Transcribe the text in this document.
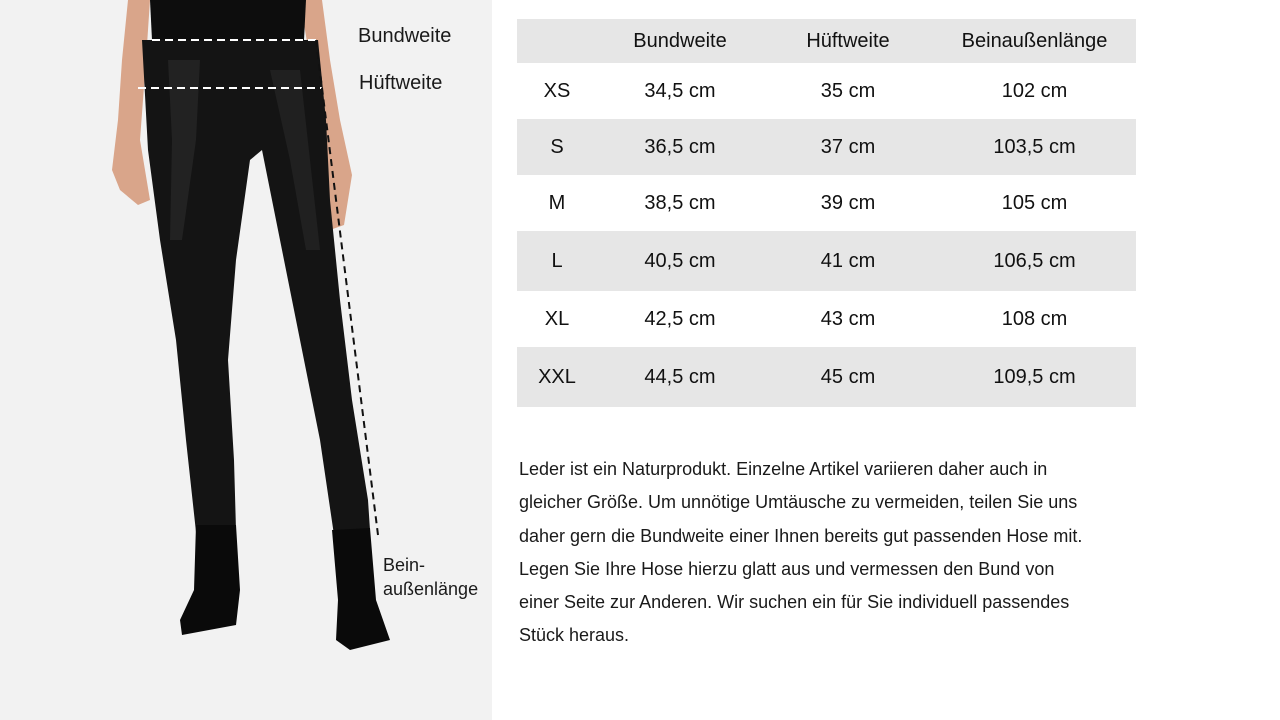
Bundweite
Hüftweite
Bein-
außenlänge
	Bundweite	Hüftweite	Beinaußenlänge
XS	34,5 cm	35 cm	102 cm
S	36,5 cm	37 cm	103,5 cm
M	38,5 cm	39 cm	105 cm
L	40,5 cm	41 cm	106,5 cm
XL	42,5 cm	43 cm	108 cm
XXL	44,5 cm	45 cm	109,5 cm

Leder ist ein Naturprodukt. Einzelne Artikel variieren daher auch in

gleicher Größe. Um unnötige Umtäusche zu vermeiden, teilen Sie uns

daher gern die Bundweite einer Ihnen bereits gut passenden Hose mit.

Legen Sie Ihre Hose hierzu glatt aus und vermessen den Bund von

einer Seite zur Anderen. Wir suchen ein für Sie individuell passendes

Stück heraus.
